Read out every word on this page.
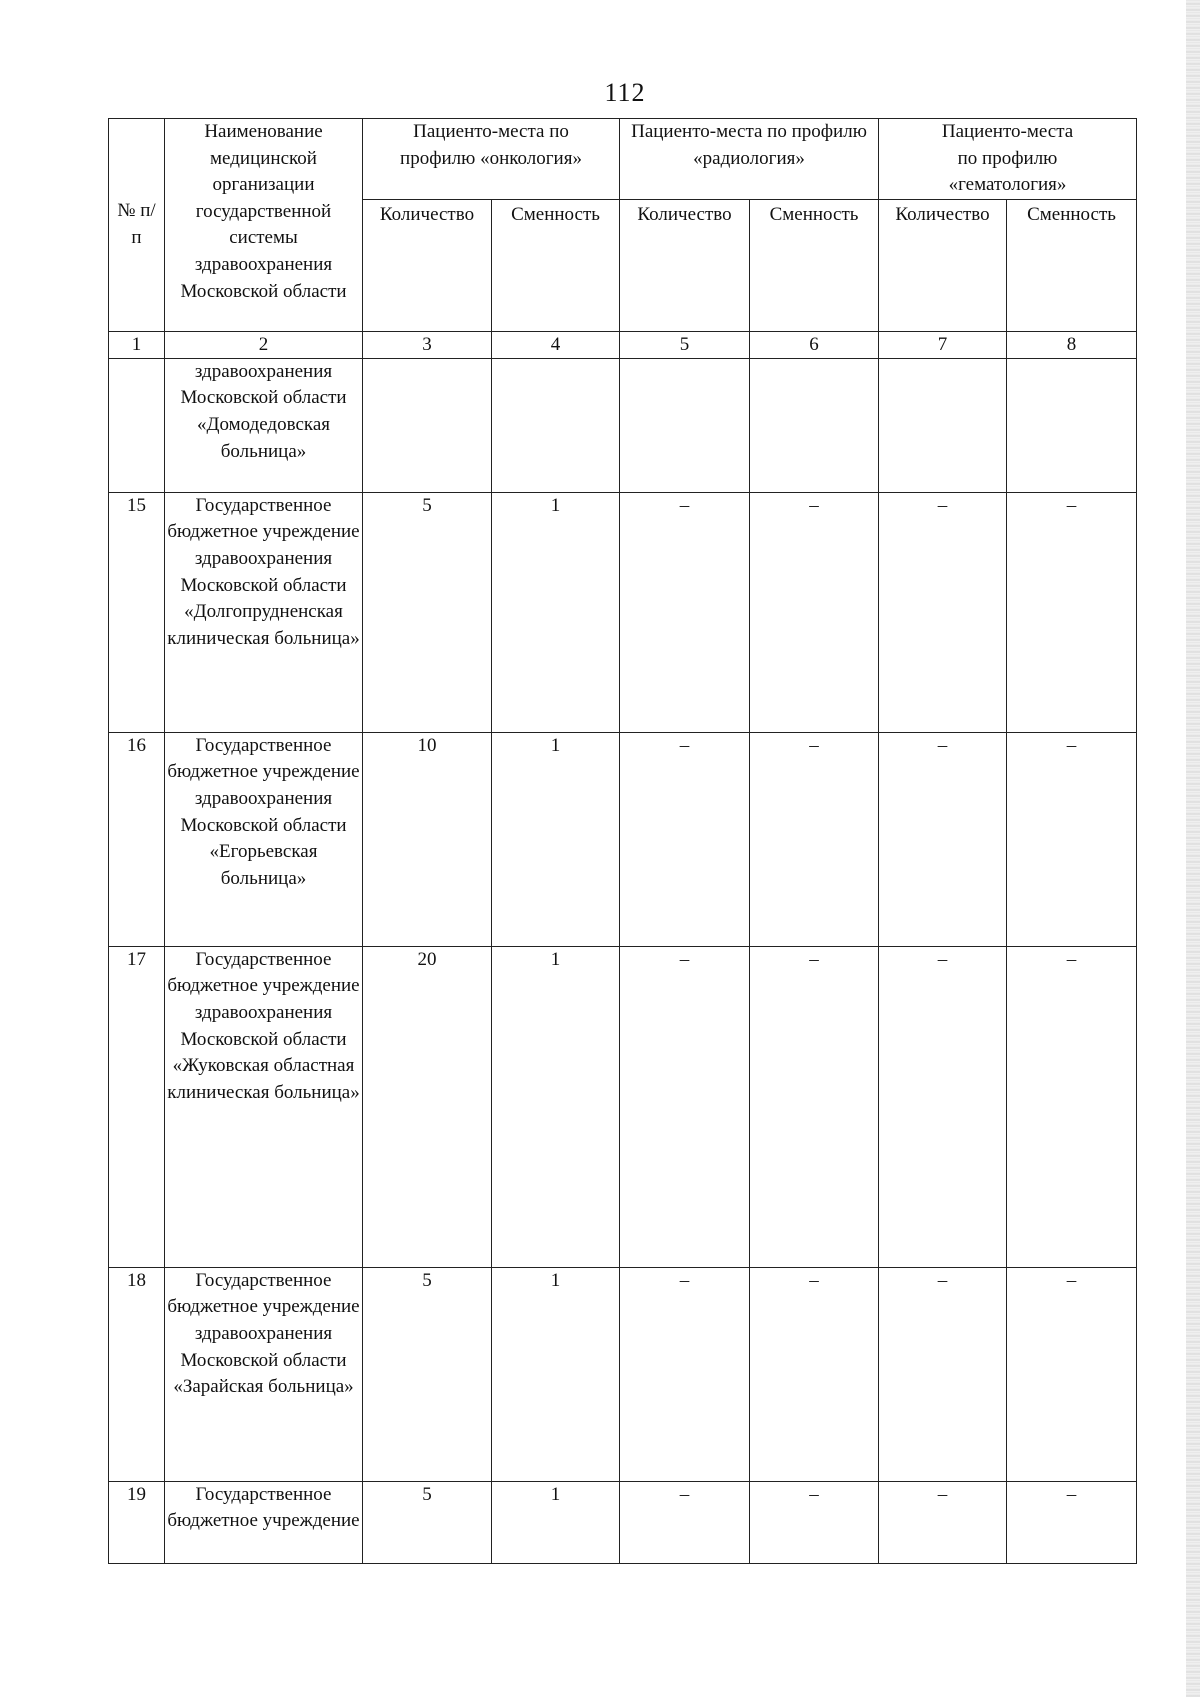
112
№ п/п	Наименование медицинской организации государственной системы здравоохранения Московской области	Пациенто-места по профилю «онкология»		Пациенто-места по профилю «радиология»		Пациенто-места по профилю «гематология»	
		Количество	Сменность	Количество	Сменность	Количество	Сменность
1	2	3	4	5	6	7	8
	здравоохранения Московской области «Домодедовская больница»						
15	Государственное бюджетное учреждение здравоохранения Московской области «Долгопрудненская клиническая больница»	5	1	–	–	–	–
16	Государственное бюджетное учреждение здравоохранения Московской области «Егорьевская больница»	10	1	–	–	–	–
17	Государственное бюджетное учреждение здравоохранения Московской области «Жуковская областная клиническая больница»	20	1	–	–	–	–
18	Государственное бюджетное учреждение здравоохранения Московской области «Зарайская больница»	5	1	–	–	–	–
19	Государственное бюджетное учреждение	5	1	–	–	–	–
